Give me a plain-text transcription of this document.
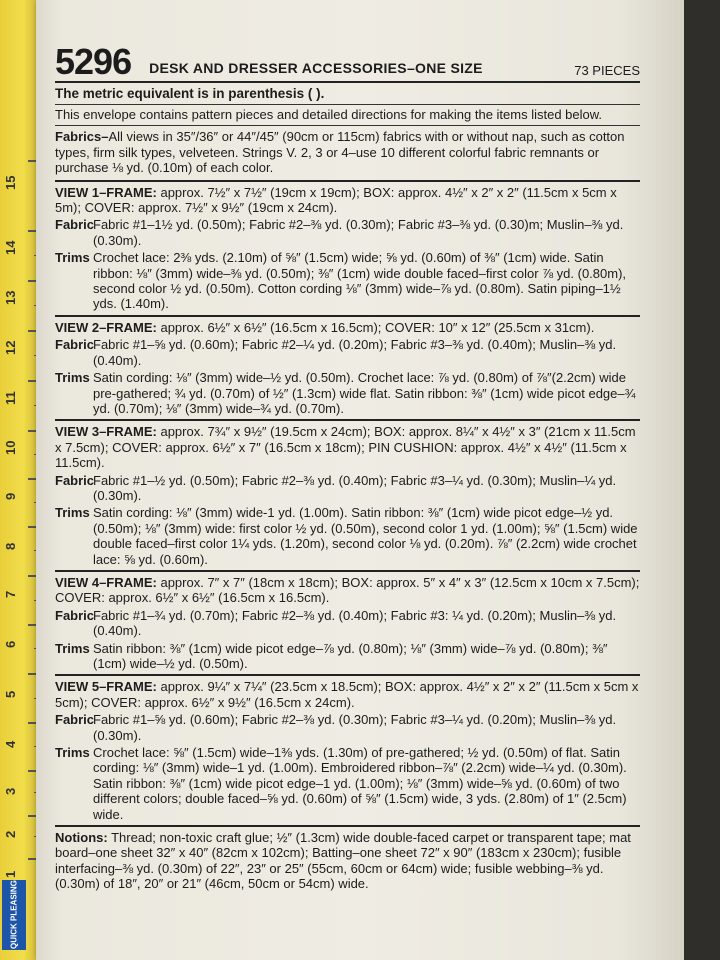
15
14
13
12
11
10
9
8
7
6
5
4
3
2
1
QUICK PLEASING
5296 DESK AND DRESSER ACCESSORIES–ONE SIZE	73 PIECES
The metric equivalent is in parenthesis ( ).

This envelope contains pattern pieces and detailed directions for making the items listed below.

Fabrics–All views in 35″/36″ or 44″/45″ (90cm or 115cm) fabrics with or without nap, such as cotton types, firm silk types, velveteen. Strings V. 2, 3 or 4–use 10 different colorful fabric remnants or purchase ⅛ yd. (0.10m) of each color.

VIEW 1–FRAME: approx. 7½″ x 7½″ (19cm x 19cm); BOX: approx. 4½″ x 2″ x 2″ (11.5cm x 5cm x 5m); COVER: approx. 7½″ x 9½″ (19cm x 24cm).

Fabric

Fabric #1–1½ yd. (0.50m); Fabric #2–⅜ yd. (0.30m); Fabric #3–⅜ yd. (0.30)m; Muslin–⅜ yd. (0.30m).

Trims Crochet lace: 2⅜ yds. (2.10m) of ⅝″ (1.5cm) wide; ⅝ yd. (0.60m) of ⅜″ (1cm) wide. Satin ribbon: ⅛″ (3mm) wide–⅜ yd. (0.50m); ⅜″ (1cm) wide double faced–first color ⅞ yd. (0.80m), second color ½ yd. (0.50m). Cotton cording ⅛″ (3mm) wide–⅞ yd. (0.80m). Satin piping–1½ yds. (1.40m).

VIEW 2–FRAME: approx. 6½″ x 6½″ (16.5cm x 16.5cm); COVER: 10″ x 12″ (25.5cm x 31cm).

Fabric

Fabric #1–⅝ yd. (0.60m); Fabric #2–¼ yd. (0.20m); Fabric #3–⅜ yd. (0.40m); Muslin–⅜ yd. (0.40m).

Trims Satin cording: ⅛″ (3mm) wide–½ yd. (0.50m). Crochet lace: ⅞ yd. (0.80m) of ⅞″(2.2cm) wide pre-gathered; ¾ yd. (0.70m) of ½″ (1.3cm) wide flat. Satin ribbon: ⅜″ (1cm) wide picot edge–¾ yd. (0.70m); ⅛″ (3mm) wide–¾ yd. (0.70m).

VIEW 3–FRAME: approx. 7¾″ x 9½″ (19.5cm x 24cm); BOX: approx. 8¼″ x 4½″ x 3″ (21cm x 11.5cm x 7.5cm); COVER: approx. 6½″ x 7″ (16.5cm x 18cm); PIN CUSHION: approx. 4½″ x 4½″ (11.5cm x 11.5cm).

Fabric

Fabric #1–½ yd. (0.50m); Fabric #2–⅜ yd. (0.40m); Fabric #3–¼ yd. (0.30m); Muslin–¼ yd. (0.30m).

Trims Satin cording: ⅛″ (3mm) wide-1 yd. (1.00m). Satin ribbon: ⅜″ (1cm) wide picot edge–½ yd. (0.50m); ⅛″ (3mm) wide: first color ½ yd. (0.50m), second color 1 yd. (1.00m); ⅝″ (1.5cm) wide double faced–first color 1¼ yds. (1.20m), second color ⅛ yd. (0.20m). ⅞″ (2.2cm) wide crochet lace: ⅝ yd. (0.60m).

VIEW 4–FRAME: approx. 7″ x 7″ (18cm x 18cm); BOX: approx. 5″ x 4″ x 3″ (12.5cm x 10cm x 7.5cm); COVER: approx. 6½″ x 6½″ (16.5cm x 16.5cm).

Fabric

Fabric #1–¾ yd. (0.70m); Fabric #2–⅜ yd. (0.40m); Fabric #3: ¼ yd. (0.20m); Muslin–⅜ yd. (0.40m).

Trims Satin ribbon: ⅜″ (1cm) wide picot edge–⅞ yd. (0.80m); ⅛″ (3mm) wide–⅞ yd. (0.80m); ⅜″ (1cm) wide–½ yd. (0.50m).

VIEW 5–FRAME: approx. 9¼″ x 7¼″ (23.5cm x 18.5cm); BOX: approx. 4½″ x 2″ x 2″ (11.5cm x 5cm x 5cm); COVER: approx. 6½″ x 9½″ (16.5cm x 24cm).

Fabric

Fabric #1–⅝ yd. (0.60m); Fabric #2–⅜ yd. (0.30m); Fabric #3–¼ yd. (0.20m); Muslin–⅜ yd. (0.30m).

Trims Crochet lace: ⅝″ (1.5cm) wide–1⅜ yds. (1.30m) of pre-gathered; ½ yd. (0.50m) of flat. Satin cording: ⅛″ (3mm) wide–1 yd. (1.00m). Embroidered ribbon–⅞″ (2.2cm) wide–¼ yd. (0.30m). Satin ribbon: ⅜″ (1cm) wide picot edge–1 yd. (1.00m); ⅛″ (3mm) wide–⅝ yd. (0.60m) of two different colors; double faced–⅝ yd. (0.60m) of ⅝″ (1.5cm) wide, 3 yds. (2.80m) of 1″ (2.5cm) wide.

Notions: Thread; non-toxic craft glue; ½″ (1.3cm) wide double-faced carpet or transparent tape; mat board–one sheet 32″ x 40″ (82cm x 102cm); Batting–one sheet 72″ x 90″ (183cm x 230cm); fusible interfacing–⅜ yd. (0.30m) of 22″, 23″ or 25″ (55cm, 60cm or 64cm) wide; fusible webbing–⅜ yd. (0.30m) of 18″, 20″ or 21″ (46cm, 50cm or 54cm) wide.
